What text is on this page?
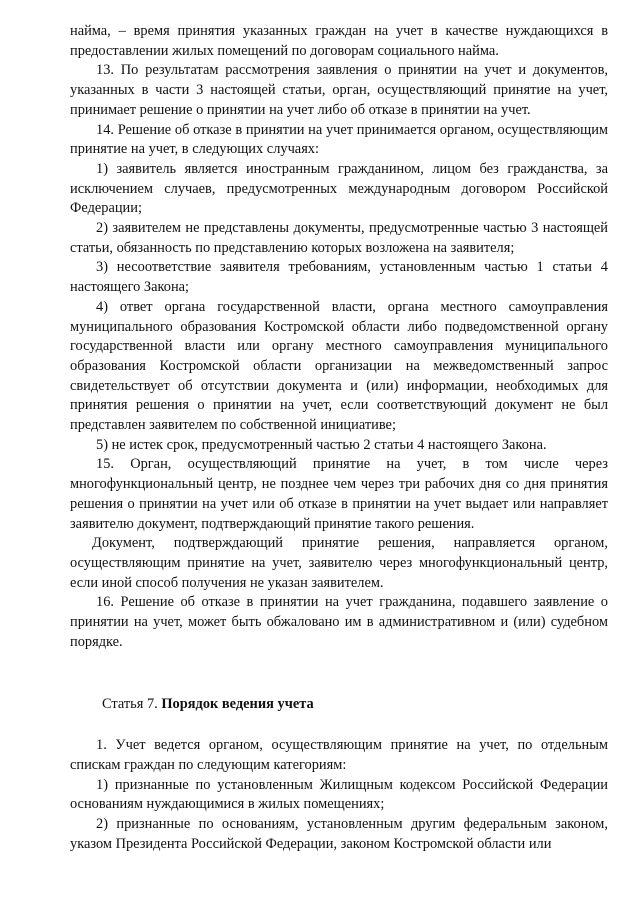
найма, – время принятия указанных граждан на учет в качестве нуждающихся в предоставлении жилых помещений по договорам социального найма.

13. По результатам рассмотрения заявления о принятии на учет и документов, указанных в части 3 настоящей статьи, орган, осуществляющий принятие на учет, принимает решение о принятии на учет либо об отказе в принятии на учет.

14. Решение об отказе в принятии на учет принимается органом, осуществляющим принятие на учет, в следующих случаях:

1) заявитель является иностранным гражданином, лицом без гражданства, за исключением случаев, предусмотренных международным договором Российской Федерации;

2) заявителем не представлены документы, предусмотренные частью 3 настоящей статьи, обязанность по представлению которых возложена на заявителя;

3) несоответствие заявителя требованиям, установленным частью 1 статьи 4 настоящего Закона;

4) ответ органа государственной власти, органа местного самоуправления муниципального образования Костромской области либо подведомственной органу государственной власти или органу местного самоуправления муниципального образования Костромской области организации на межведомственный запрос свидетельствует об отсутствии документа и (или) информации, необходимых для принятия решения о принятии на учет, если соответствующий документ не был представлен заявителем по собственной инициативе;

5) не истек срок, предусмотренный частью 2 статьи 4 настоящего Закона.

15. Орган, осуществляющий принятие на учет, в том числе через многофункциональный центр, не позднее чем через три рабочих дня со дня принятия решения о принятии на учет или об отказе в принятии на учет выдает или направляет заявителю документ, подтверждающий принятие такого решения.

Документ, подтверждающий принятие решения, направляется органом, осуществляющим принятие на учет, заявителю через многофункциональный центр, если иной способ получения не указан заявителем.

16. Решение об отказе в принятии на учет гражданина, подавшего заявление о принятии на учет, может быть обжаловано им в административном и (или) судебном порядке.

Статья 7. Порядок ведения учета

1. Учет ведется органом, осуществляющим принятие на учет, по отдельным спискам граждан по следующим категориям:

1) признанные по установленным Жилищным кодексом Российской Федерации основаниям нуждающимися в жилых помещениях;

2) признанные по основаниям, установленным другим федеральным законом, указом Президента Российской Федерации, законом Костромской области или
